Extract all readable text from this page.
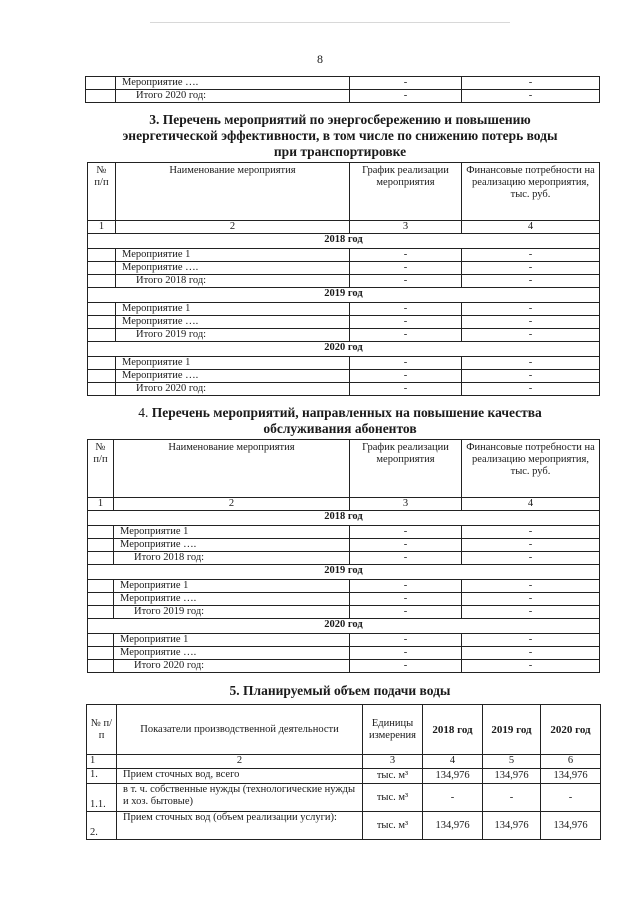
8
	Мероприятие ….	-	-
	Итого 2020 год:	-	-
3. Перечень мероприятий по энергосбережению и повышению
энергетической эффективности, в том числе по снижению потерь воды
при транспортировке
№ п/п	Наименование мероприятия	График реализации мероприятия	Финансовые потребности на реализацию мероприятия, тыс. руб.
1	2	3	4
2018 год			
	Мероприятие 1	-	-
	Мероприятие ….	-	-
	Итого 2018 год:	-	-
2019 год			
	Мероприятие 1	-	-
	Мероприятие ….	-	-
	Итого 2019 год:	-	-
2020 год			
	Мероприятие 1	-	-
	Мероприятие ….	-	-
	Итого 2020 год:	-	-
4. Перечень мероприятий, направленных на повышение качества
обслуживания абонентов
№ п/п	Наименование мероприятия	График реализации мероприятия	Финансовые потребности на реализацию мероприятия, тыс. руб.
1	2	3	4
2018 год			
	Мероприятие 1	-	-
	Мероприятие ….	-	-
	Итого 2018 год:	-	-
2019 год			
	Мероприятие 1	-	-
	Мероприятие ….	-	-
	Итого 2019 год:	-	-
2020 год			
	Мероприятие 1	-	-
	Мероприятие ….	-	-
	Итого 2020 год:	-	-
5. Планируемый объем подачи воды
№ п/п	Показатели производственной деятельности	Единицы измерения	2018 год	2019 год	2020 год
1	2	3	4	5	6
1.	Прием сточных вод, всего	тыс. м³	134,976	134,976	134,976
1.1.	в т. ч. собственные нужды (технологические нужды и хоз. бытовые)	тыс. м³	-	-	-
2.	Прием сточных вод (объем реализации услуги):	тыс. м³	134,976	134,976	134,976
